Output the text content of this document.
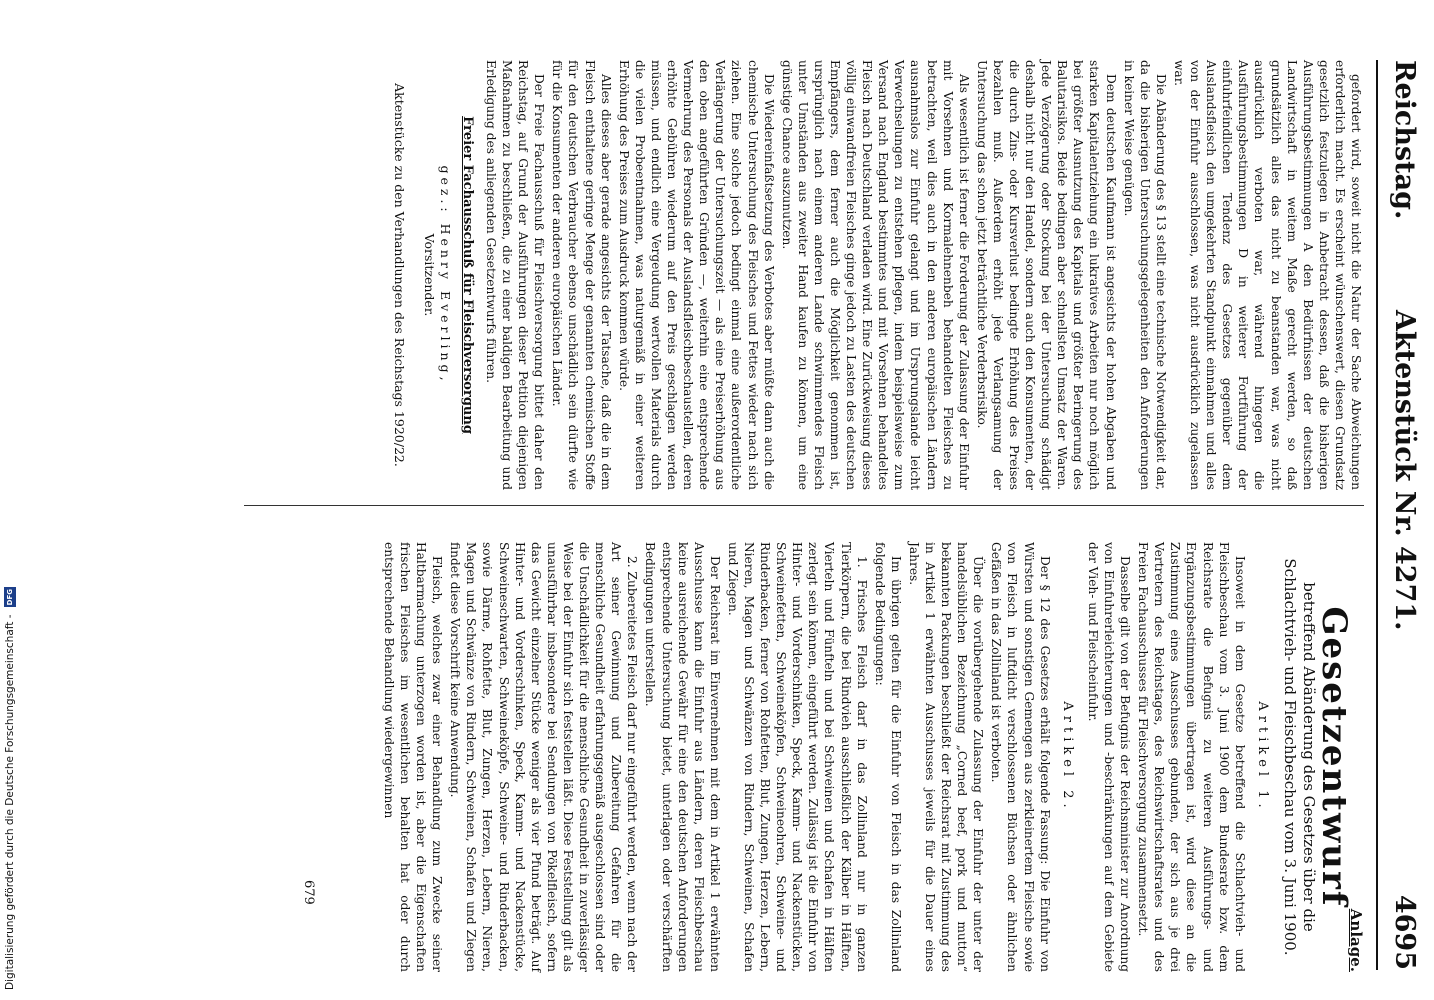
Reichstag.
Aktenstück Nr. 4271.
4695

gefordert wird, soweit nicht die Natur der Sache Abweichungen erforderlich macht. Es erscheint wünschenswert, diesen Grundsatz gesetzlich festzulegen in Anbetracht dessen, daß die bisherigen Ausführungsbestimmungen A den Bedürfnissen der deutschen Landwirtschaft in weitem Maße gerecht werden, so daß grundsätzlich alles das nicht zu beanstanden war, was nicht ausdrücklich verboten war, während hingegen die Ausführungsbestimmungen D in weiterer Fortführung der einfuhrfeindlichen Tendenz des Gesetzes gegenüber dem Auslandsfleisch den umgekehrten Standpunkt einnahmen und alles von der Einfuhr ausschlossen, was nicht ausdrücklich zugelassen war.

Die Abänderung des § 13 stellt eine technische Notwendigkeit dar, da die bisherigen Untersuchungsgelegenheiten den Anforderungen in keiner Weise genügen.

Dem deutschen Kaufmann ist angesichts der hohen Abgaben und starken Kapitalentziehung ein lukratives Arbeiten nur noch möglich bei größter Ausnutzung des Kapitals und größter Beringerung des Balutarisikos. Beide bedingen aber schnellsten Umsatz der Waren. Jede Verzögerung oder Stockung bei der Untersuchung schädigt deshalb nicht nur den Handel, sondern auch den Konsumenten, der die durch Zins- oder Kursverlust bedingte Erhöhung des Preises bezahlen muß. Außerdem erhöht jede Verlangsamung der Untersuchung das schon jetzt beträchtliche Verderbsrisiko.

Als wesentlich ist ferner die Forderung der Zulassung der Einfuhr mit Vorsehnen und Kormalehnenbeh behandelten Fleisches zu betrachten, weil dies auch in den anderen europäischen Ländern ausnahmslos zur Einfuhr gelangt und im Ursprungslande leicht Verwechselungen zu entstehen pflegen, indem beispielsweise zum Versand nach England bestimmtes und mit Vorsehnen behandeltes Fleisch nach Deutschland verladen wird. Eine Zurückweisung dieses völlig einwandfreien Fleisches ginge jedoch zu Lasten des deutschen Empfängers, dem ferner auch die Möglichkeit genommen ist, ursprünglich nach einem anderen Lande schwimmendes Fleisch unter Umständen aus zweiter Hand kaufen zu können, um eine günstige Chance auszunutzen.

Die Wiedereinfaßtsetzung des Verbotes aber müßte dann auch die chemische Untersuchung des Fleisches und Fettes wieder nach sich ziehen. Eine solche jedoch bedingt einmal eine außerordentliche Verlängerung der Untersuchungszeit — als eine Preiserhöhung aus den oben angeführten Gründen —, weiterhin eine entsprechende Vermehrung des Personals der Auslandsfleischbeschaustellen, deren erhöhte Gebühren wiederum auf den Preis geschlagen werden müssen, und endlich eine Vergeudung wertvollen Materials durch die vielen Probeentnahmen, was naturgemäß in einer weiteren Erhöhung des Preises zum Ausdruck kommen würde.

Alles dieses aber gerade angesichts der Tatsache, daß die in dem Fleisch enthaltene geringe Menge der genannten chemischen Stoffe für den deutschen Verbraucher ebenso unschädlich sein dürfte wie für die Konsumenten der anderen europäischen Länder.

Der Freie Fachausschuß für Fleischversorgung bittet daher den Reichstag, auf Grund der Ausführungen dieser Petition diejenigen Maßnahmen zu beschließen, die zu einer baldigen Bearbeitung und Erledigung des anliegenden Gesetzentwurfs führen.

Freier Fachausschuß für Fleischversorgung
gez.: Henry Everling,
Vorsitzender.
Aktenstücke zu den Verhandlungen des Reichstags 1920/22.
Anlage.
Gesetzentwurf
betreffend Abänderung des Gesetzes über die Schlachtvieh- und Fleischbeschau vom 3. Juni 1900.
Artikel 1.

Insoweit in dem Gesetze betreffend die Schlachtvieh- und Fleischbeschau vom 3. Juni 1900 dem Bundesrate bzw. dem Reichsrate die Befugnis zu weiteren Ausführungs- und Ergänzungsbestimmungen übertragen ist, wird diese an die Zustimmung eines Ausschusses gebunden, der sich aus je drei Vertretern des Reichstages, des Reichswirtschaftsrates und des Freien Fachausschusses für Fleischversorgung zusammensetzt.

Dasselbe gilt von der Befugnis der Reichsminister zur Anordnung von Einfuhrerleichterungen und -beschränkungen auf dem Gebiete der Vieh- und Fleischeinfuhr.

Artikel 2.

Der § 12 des Gesetzes erhält folgende Fassung: Die Einfuhr von Würsten und sonstigen Gemengen aus zerkleinertem Fleische sowie von Fleisch in luftdicht verschlossenen Büchsen oder ähnlichen Gefäßen in das Zollinland ist verboten.

Über die vorübergehende Zulassung der Einfuhr der unter der handelsüblichen Bezeichnung „Corned beef, pork und mutton“ bekannten Packungen beschließt der Reichsrat mit Zustimmung des in Artikel 1 erwähnten Ausschusses jeweils für die Dauer eines Jahres.

Im übrigen gelten für die Einfuhr von Fleisch in das Zollinland folgende Bedingungen:

1. Frisches Fleisch darf in das Zollinland nur in ganzen Tierkörpern, die bei Rindvieh ausschließlich der Kälber in Hälften, Vierteln und Fünfteln und bei Schweinen und Schafen in Hälften zerlegt sein können, eingeführt werden. Zulässig ist die Einfuhr von Hinter- und Vorderschinken, Speck, Kamm- und Nackenstücken, Schweinefetten, Schweineköpfen, Schweineohren, Schweine- und Rinderbacken, ferner von Rohfetten, Blut, Zungen, Herzen, Lebern, Nieren, Magen und Schwänzen von Rindern, Schweinen, Schafen und Ziegen.

Der Reichsrat im Einvernehmen mit dem in Artikel 1 erwähnten Ausschusse kann die Einfuhr aus Ländern, deren Fleischbeschau keine ausreichende Gewähr für eine den deutschen Anforderungen entsprechende Untersuchung bietet, unterlagen oder verschärften Bedingungen unterstellen.

2. Zubereitetes Fleisch darf nur eingeführt werden, wenn nach der Art seiner Gewinnung und Zubereitung Gefahren für die menschliche Gesundheit erfahrungsgemäß ausgeschlossen sind oder die Unschädlichkeit für die menschliche Gesundheit in zuverlässiger Weise bei der Einfuhr sich feststellen läßt. Diese Feststellung gilt als unausführbar insbesondere bei Sendungen von Pökelfleisch, sofern das Gewicht einzelner Stücke weniger als vier Pfund beträgt. Auf Hinter- und Vorderschinken, Speck, Kamm- und Nackenstücke, Schweineschwarten, Schweineköpfe, Schweine- und Rinderbacken, sowie Därme, Rohfette, Blut, Zungen, Herzen, Lebern, Nieren, Magen und Schwänze von Rindern, Schweinen, Schafen und Ziegen findet diese Vorschrift keine Anwendung.

Fleisch, welches zwar einer Behandlung zum Zwecke seiner Haltbarmachung unterzogen worden ist, aber die Eigenschaften frischen Fleisches im wesentlichen behalten hat oder durch entsprechende Behandlung wiedergewinnen

679
Digitalisierung gefördert durch die Deutsche Forschungsgemeinschaft - DFG
